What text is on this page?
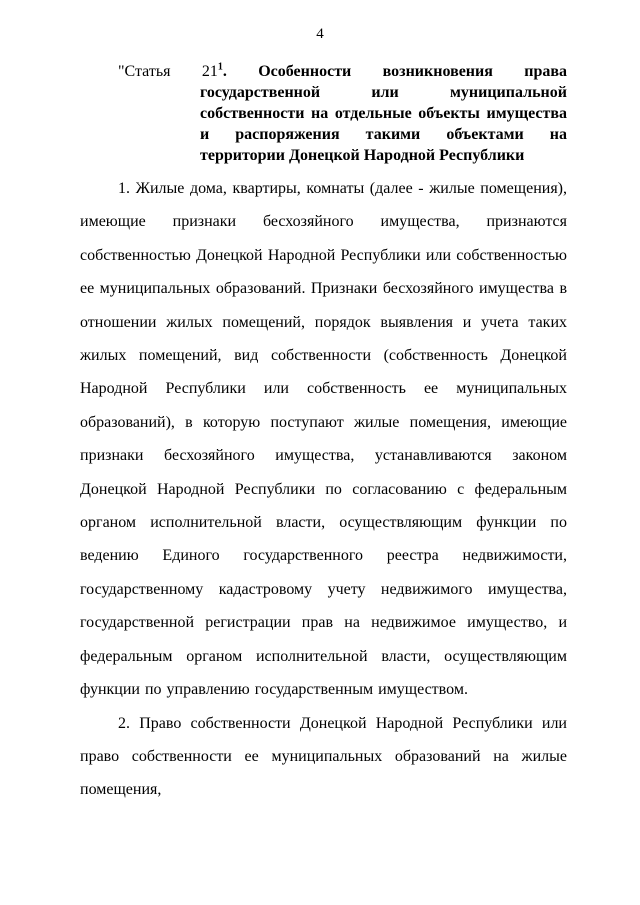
4
"Статья $21^1$. Особенности возникновения права государственной или муниципальной собственности на отдельные объекты имущества и распоряжения такими объектами на территории Донецкой Народной Республики

1. Жилые дома, квартиры, комнаты (далее - жилые помещения), имеющие признаки бесхозяйного имущества, признаются собственностью Донецкой Народной Республики или собственностью ее муниципальных образований. Признаки бесхозяйного имущества в отношении жилых помещений, порядок выявления и учета таких жилых помещений, вид собственности (собственность Донецкой Народной Республики или собственность ее муниципальных образований), в которую поступают жилые помещения, имеющие признаки бесхозяйного имущества, устанавливаются законом Донецкой Народной Республики по согласованию с федеральным органом исполнительной власти, осуществляющим функции по ведению Единого государственного реестра недвижимости, государственному кадастровому учету недвижимого имущества, государственной регистрации прав на недвижимое имущество, и федеральным органом исполнительной власти, осуществляющим функции по управлению государственным имуществом.

2. Право собственности Донецкой Народной Республики или право собственности ее муниципальных образований на жилые помещения,
